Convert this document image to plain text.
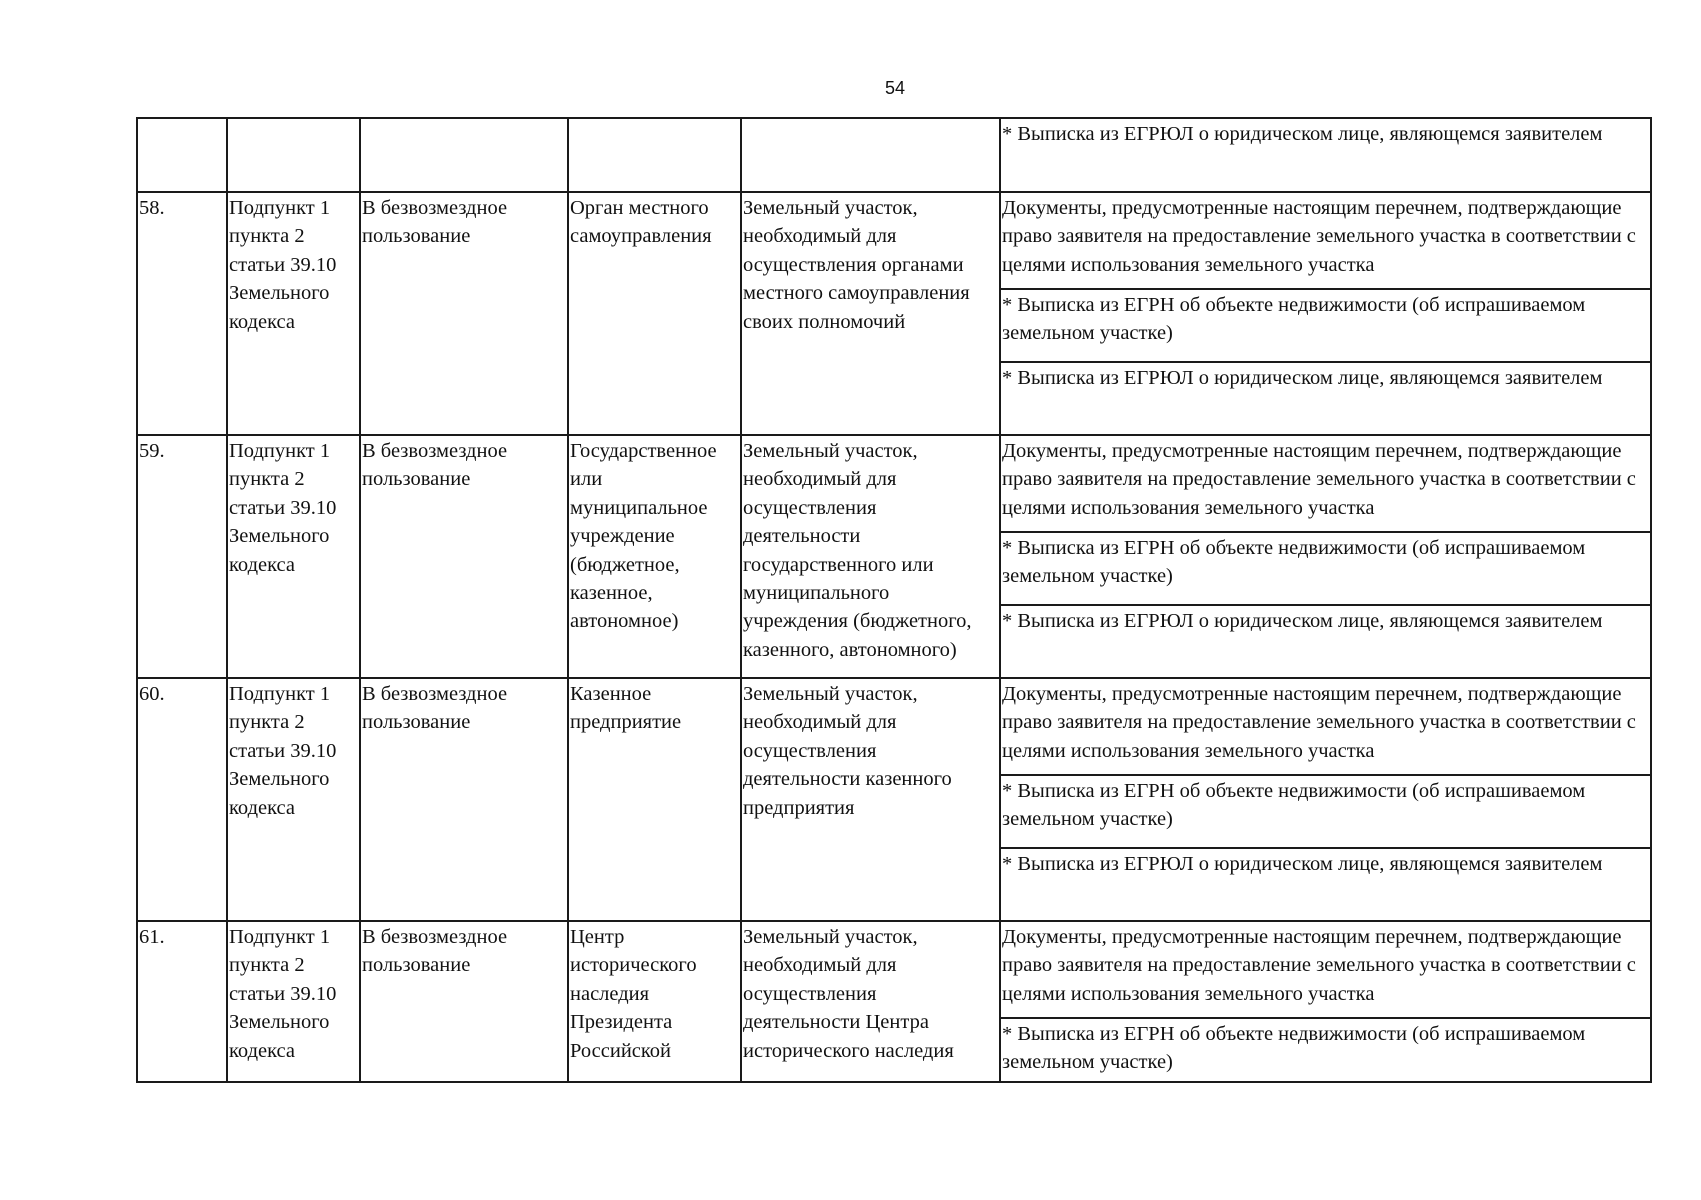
54
					* Выписка из ЕГРЮЛ о юридическом лице, являющемся заявителем
58.	Подпункт 1 пункта 2 статьи 39.10 Земельного кодекса	В безвозмездное пользование	Орган местного самоуправления	Земельный участок, необходимый для осуществления органами местного самоуправления своих полномочий	Документы, предусмотренные настоящим перечнем, подтверждающие право заявителя на предоставление земельного участка в соответствии с целями использования земельного участка
					* Выписка из ЕГРН об объекте недвижимости (об испрашиваемом земельном участке)
					* Выписка из ЕГРЮЛ о юридическом лице, являющемся заявителем
59.	Подпункт 1 пункта 2 статьи 39.10 Земельного кодекса	В безвозмездное пользование	Государственное или муниципальное учреждение (бюджетное, казенное, автономное)	Земельный участок, необходимый для осуществления деятельности государственного или муниципального учреждения (бюджетного, казенного, автономного)	Документы, предусмотренные настоящим перечнем, подтверждающие право заявителя на предоставление земельного участка в соответствии с целями использования земельного участка
					* Выписка из ЕГРН об объекте недвижимости (об испрашиваемом земельном участке)
					* Выписка из ЕГРЮЛ о юридическом лице, являющемся заявителем
60.	Подпункт 1 пункта 2 статьи 39.10 Земельного кодекса	В безвозмездное пользование	Казенное предприятие	Земельный участок, необходимый для осуществления деятельности казенного предприятия	Документы, предусмотренные настоящим перечнем, подтверждающие право заявителя на предоставление земельного участка в соответствии с целями использования земельного участка
					* Выписка из ЕГРН об объекте недвижимости (об испрашиваемом земельном участке)
					* Выписка из ЕГРЮЛ о юридическом лице, являющемся заявителем
61.	Подпункт 1 пункта 2 статьи 39.10 Земельного кодекса	В безвозмездное пользование	Центр исторического наследия Президента Российской	Земельный участок, необходимый для осуществления деятельности Центра исторического наследия	Документы, предусмотренные настоящим перечнем, подтверждающие право заявителя на предоставление земельного участка в соответствии с целями использования земельного участка
					* Выписка из ЕГРН об объекте недвижимости (об испрашиваемом земельном участке)
